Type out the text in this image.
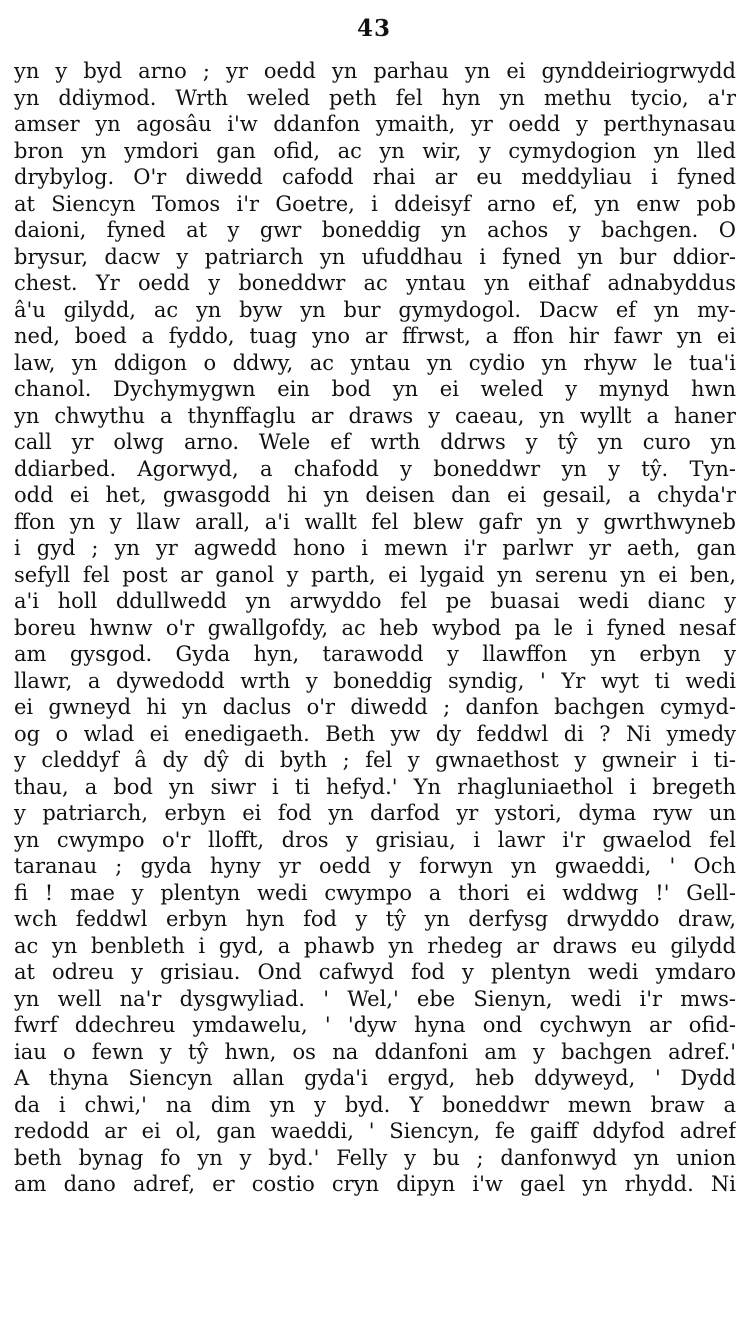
43
yn y byd arno ; yr oedd yn parhau yn ei gynddeiriogrwydd
yn ddiymod. Wrth weled peth fel hyn yn methu tycio, a'r
amser yn agosâu i'w ddanfon ymaith, yr oedd y perthynasau
bron yn ymdori gan ofid, ac yn wir, y cymydogion yn lled
drybylog. O'r diwedd cafodd rhai ar eu meddyliau i fyned
at Siencyn Tomos i'r Goetre, i ddeisyf arno ef, yn enw pob
daioni, fyned at y gwr boneddig yn achos y bachgen. O
brysur, dacw y patriarch yn ufuddhau i fyned yn bur ddior-
chest. Yr oedd y boneddwr ac yntau yn eithaf adnabyddus
â'u gilydd, ac yn byw yn bur gymydogol. Dacw ef yn my-
ned, boed a fyddo, tuag yno ar ffrwst, a ffon hir fawr yn ei
law, yn ddigon o ddwy, ac yntau yn cydio yn rhyw le tua'i
chanol. Dychymygwn ein bod yn ei weled y mynyd hwn
yn chwythu a thynffaglu ar draws y caeau, yn wyllt a haner
call yr olwg arno. Wele ef wrth ddrws y tŷ yn curo yn
ddiarbed. Agorwyd, a chafodd y boneddwr yn y tŷ. Tyn-
odd ei het, gwasgodd hi yn deisen dan ei gesail, a chyda'r
ffon yn y llaw arall, a'i wallt fel blew gafr yn y gwrthwyneb
i gyd ; yn yr agwedd hono i mewn i'r parlwr yr aeth, gan
sefyll fel post ar ganol y parth, ei lygaid yn serenu yn ei ben,
a'i holl ddullwedd yn arwyddo fel pe buasai wedi dianc y
boreu hwnw o'r gwallgofdy, ac heb wybod pa le i fyned nesaf
am gysgod. Gyda hyn, tarawodd y llawffon yn erbyn y
llawr, a dywedodd wrth y boneddig syndig, ' Yr wyt ti wedi
ei gwneyd hi yn daclus o'r diwedd ; danfon bachgen cymyd-
og o wlad ei enedigaeth. Beth yw dy feddwl di ? Ni ymedy
y cleddyf â dy dŷ di byth ; fel y gwnaethost y gwneir i ti-
thau, a bod yn siwr i ti hefyd.' Yn rhagluniaethol i bregeth
y patriarch, erbyn ei fod yn darfod yr ystori, dyma ryw un
yn cwympo o'r llofft, dros y grisiau, i lawr i'r gwaelod fel
taranau ; gyda hyny yr oedd y forwyn yn gwaeddi, ' Och
fi ! mae y plentyn wedi cwympo a thori ei wddwg !' Gell-
wch feddwl erbyn hyn fod y tŷ yn derfysg drwyddo draw,
ac yn benbleth i gyd, a phawb yn rhedeg ar draws eu gilydd
at odreu y grisiau. Ond cafwyd fod y plentyn wedi ymdaro
yn well na'r dysgwyliad. ' Wel,' ebe Sienyn, wedi i'r mws-
fwrf ddechreu ymdawelu, ' 'dyw hyna ond cychwyn ar ofid-
iau o fewn y tŷ hwn, os na ddanfoni am y bachgen adref.'
A thyna Siencyn allan gyda'i ergyd, heb ddyweyd, ' Dydd
da i chwi,' na dim yn y byd. Y boneddwr mewn braw a
redodd ar ei ol, gan waeddi, ' Siencyn, fe gaiff ddyfod adref
beth bynag fo yn y byd.' Felly y bu ; danfonwyd yn union
am dano adref, er costio cryn dipyn i'w gael yn rhydd. Ni
